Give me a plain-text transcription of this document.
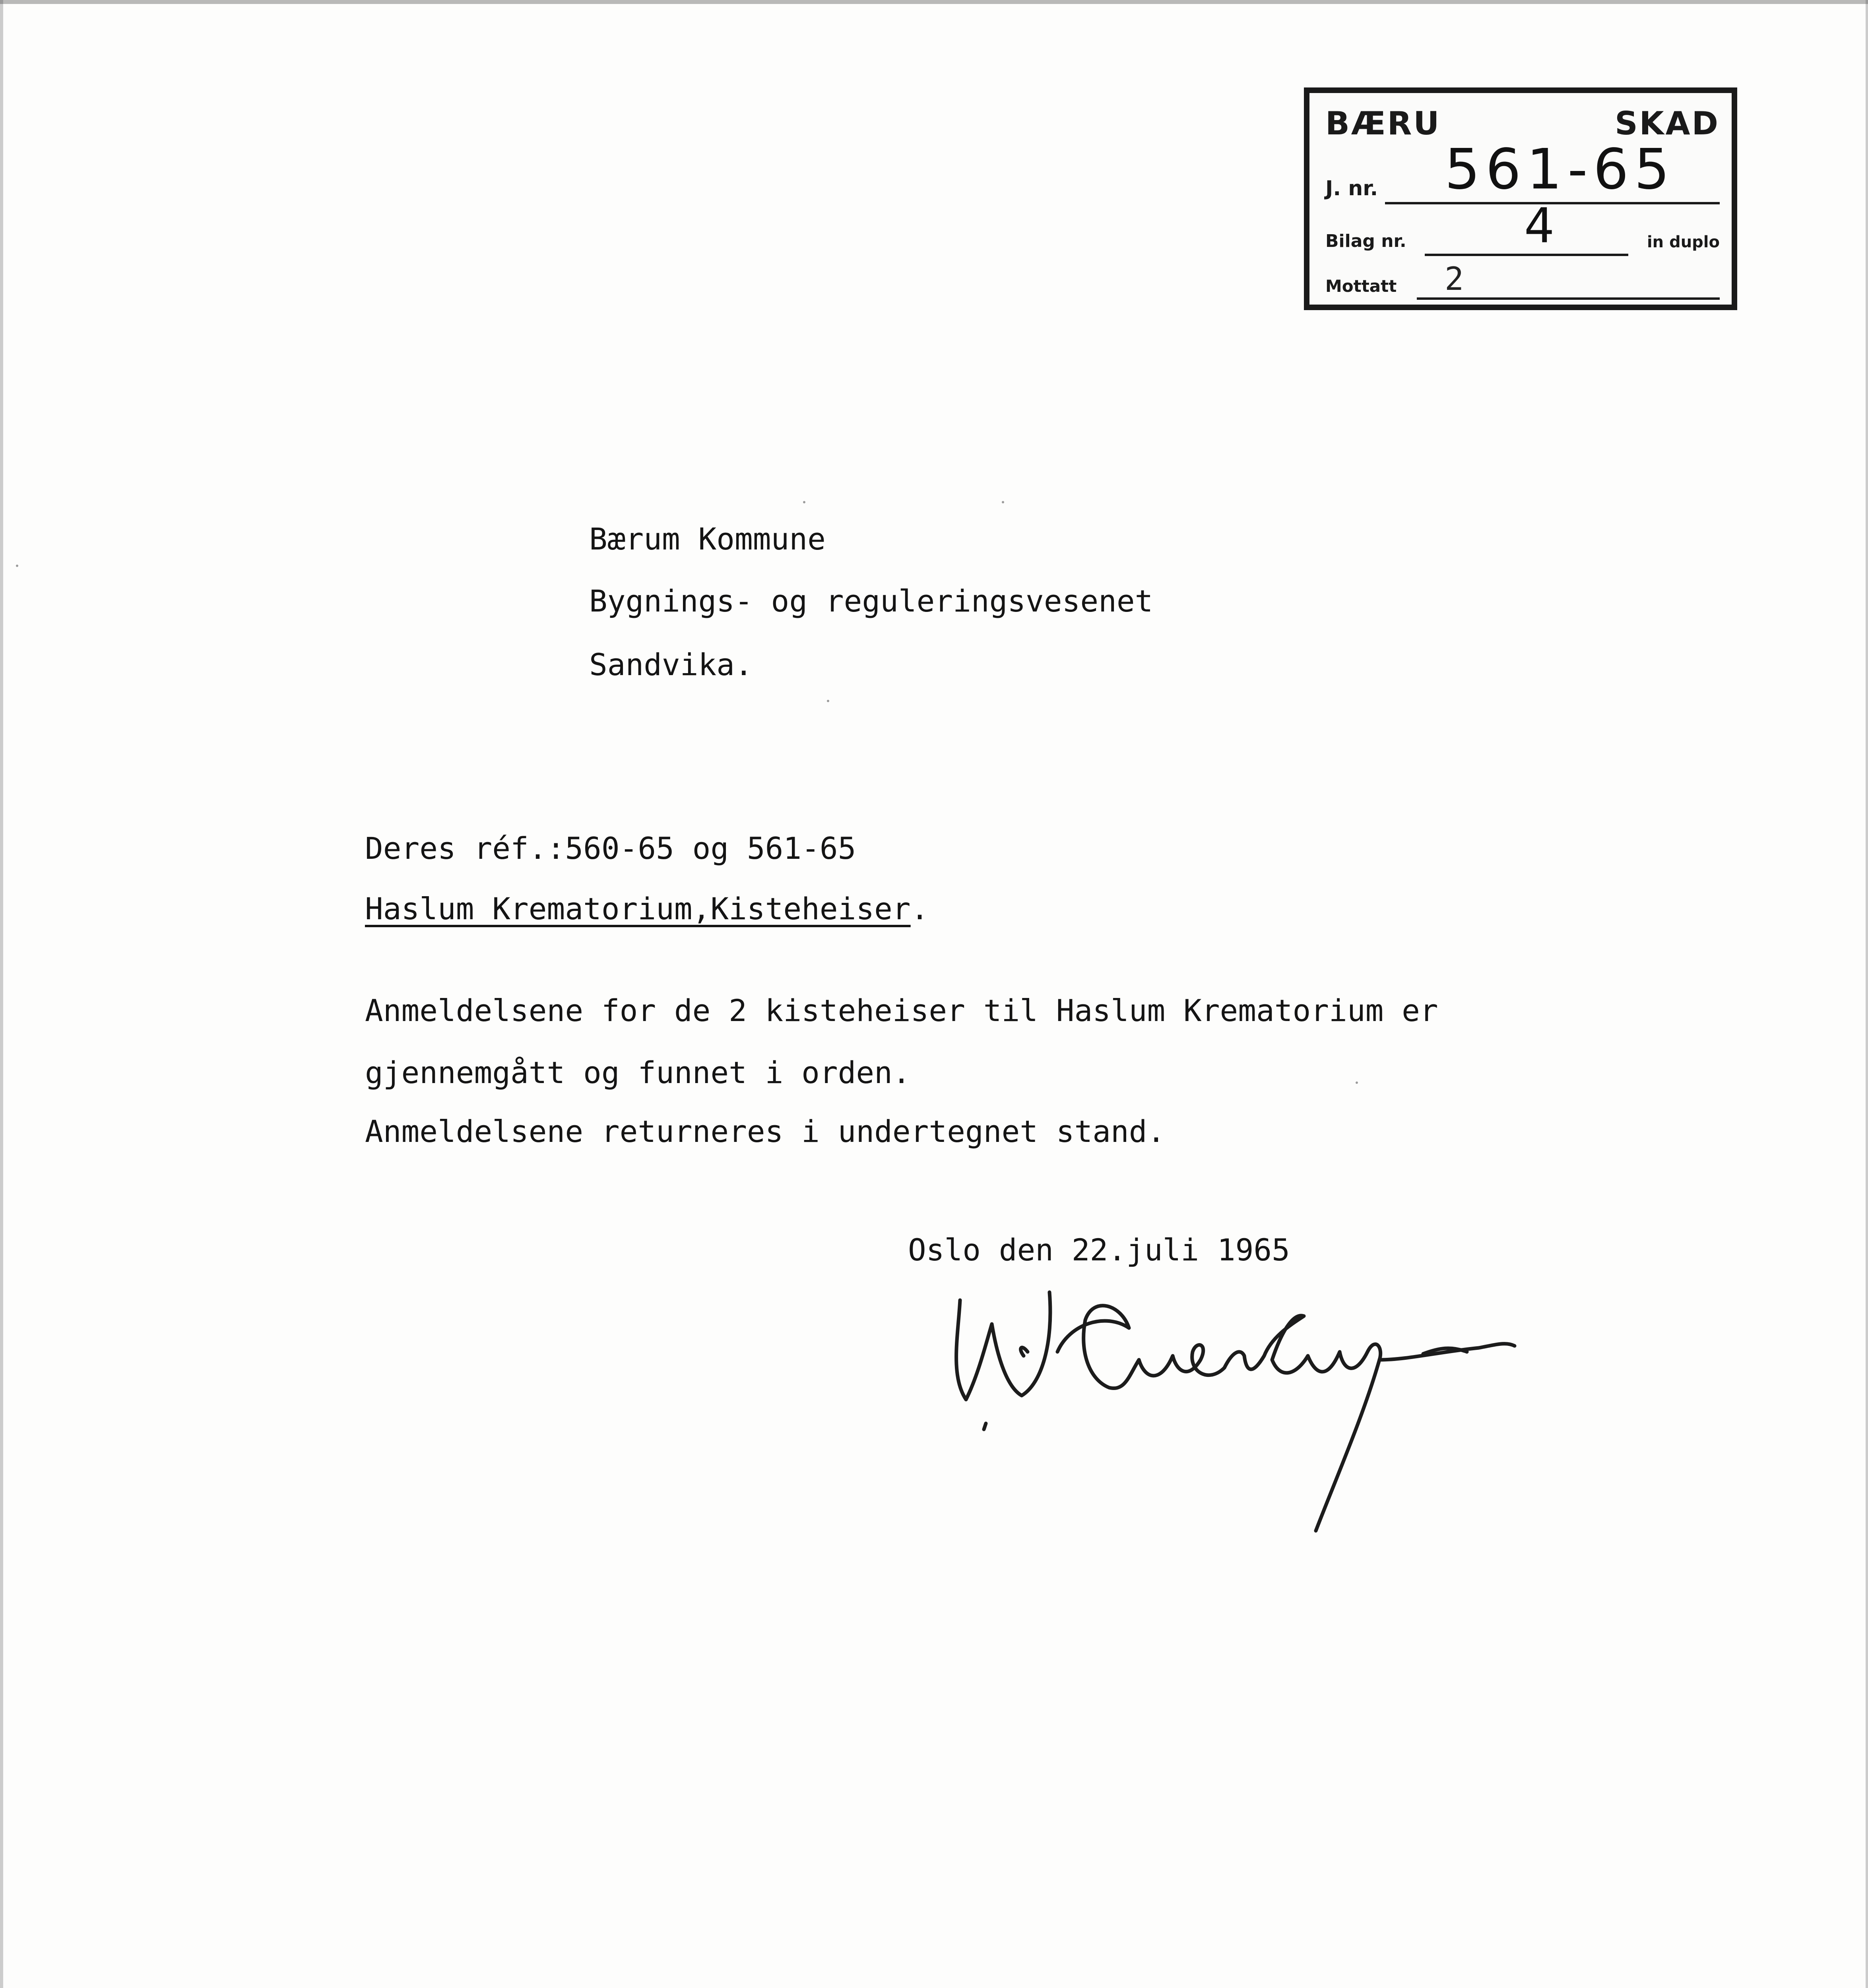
BÆRU	SKAD
J. nr. 561-65
Bilag nr. 4	in duplo
Mottatt 2
Bærum Kommune
Bygnings- og reguleringsvesenet
Sandvika.
Deres réf.:560-65 og 561-65
Haslum Krematorium,Kisteheiser.
Anmeldelsene for de 2 kisteheiser til Haslum Krematorium er
gjennemgått og funnet i orden.
Anmeldelsene returneres i undertegnet stand.
Oslo den 22.juli 1965
